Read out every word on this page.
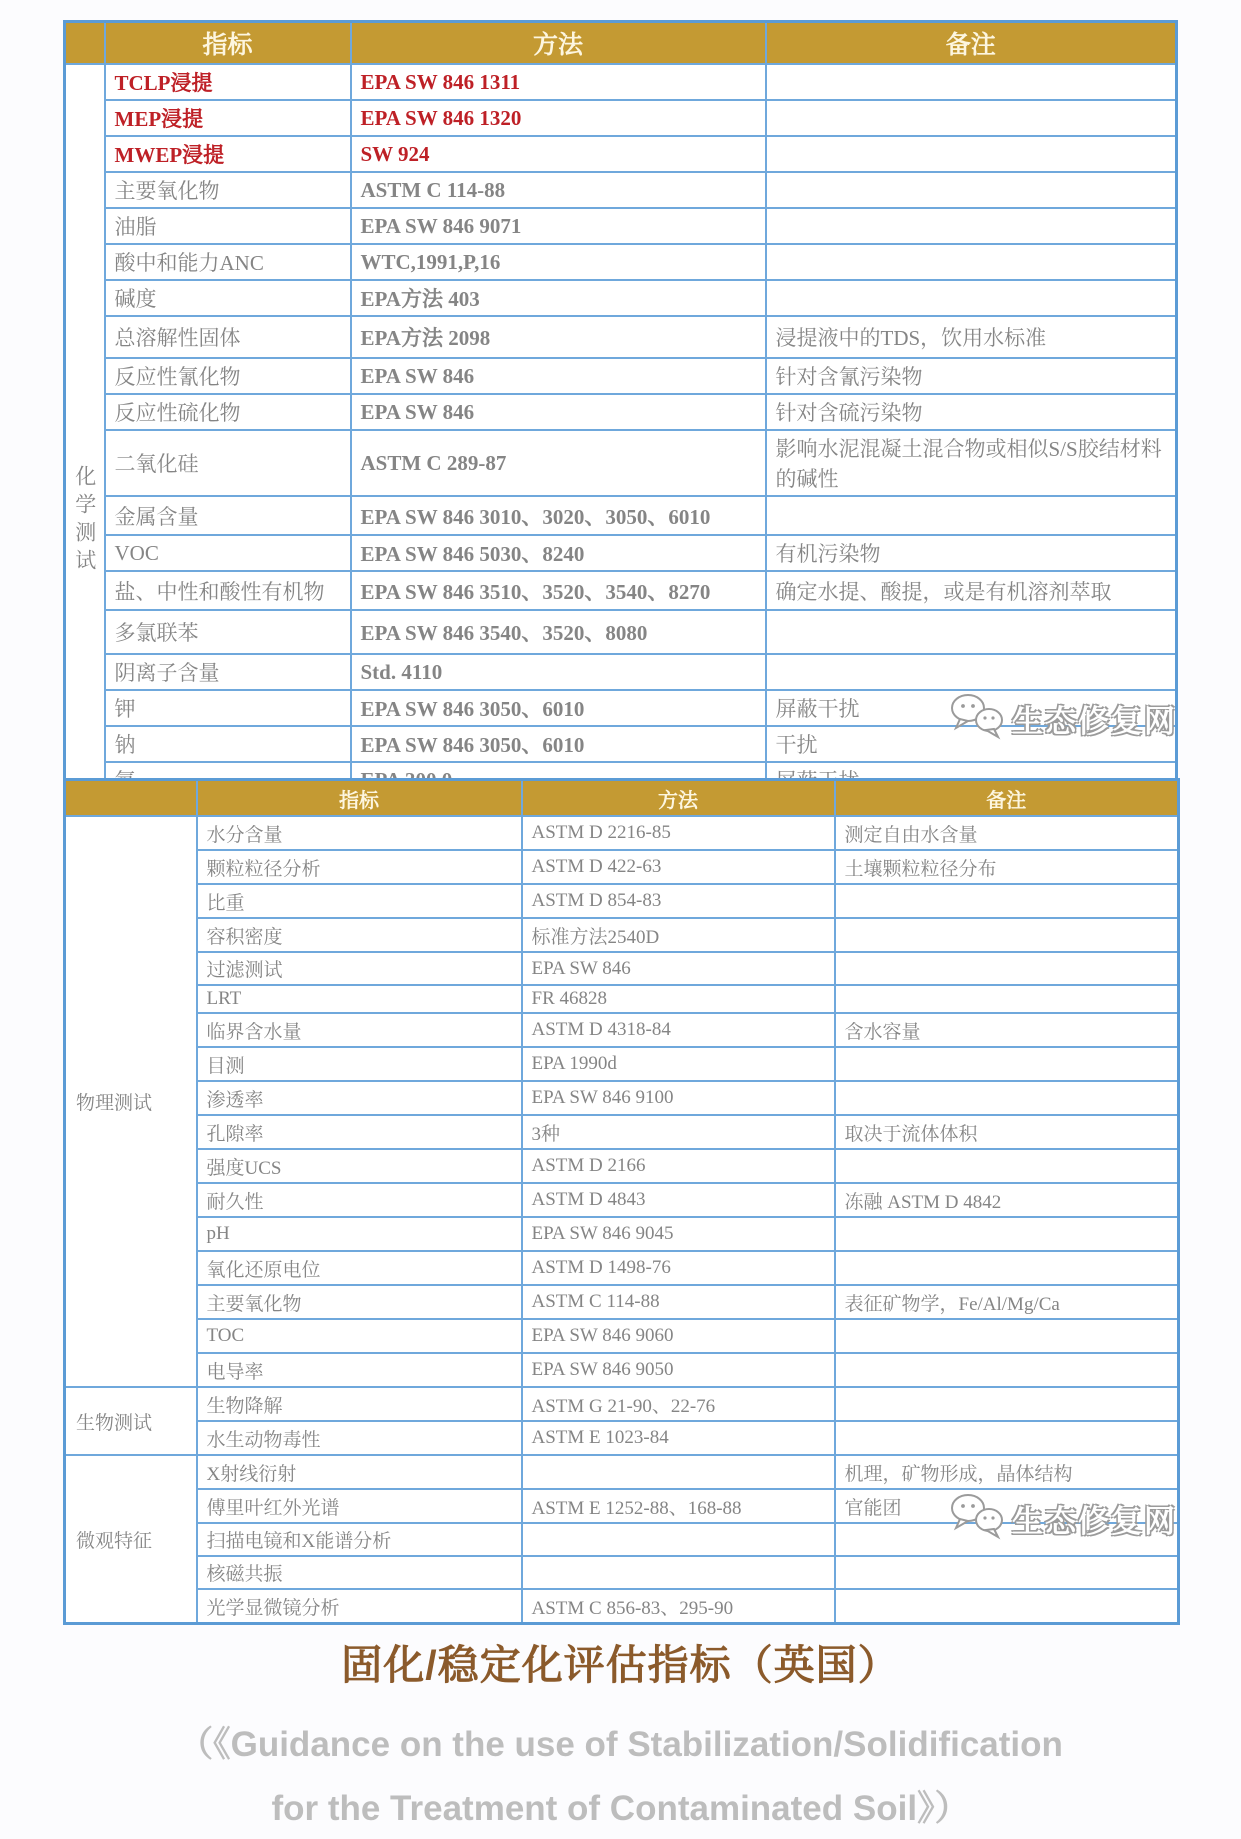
	指标	方法	备注
化学测试	TCLP浸提	EPA SW 846 1311	
	MEP浸提	EPA SW 846 1320	
	MWEP浸提	SW 924	
	主要氧化物	ASTM C 114-88	
	油脂	EPA SW 846 9071	
	酸中和能力ANC	WTC,1991,P,16	
	碱度	EPA方法 403	
	总溶解性固体	EPA方法 2098	浸提液中的TDS，饮用水标准
	反应性氰化物	EPA SW 846	针对含氰污染物
	反应性硫化物	EPA SW 846	针对含硫污染物
	二氧化硅	ASTM C 289-87	影响水泥混凝土混合物或相似S/S胶结材料的碱性
	金属含量	EPA SW 846 3010、3020、3050、6010	
	VOC	EPA SW 846 5030、8240	有机污染物
	盐、中性和酸性有机物	EPA SW 846 3510、3520、3540、8270	确定水提、酸提，或是有机溶剂萃取
	多氯联苯	EPA SW 846 3540、3520、8080	
	阴离子含量	Std. 4110	
	钾	EPA SW 846 3050、6010	屏蔽干扰
	钠	EPA SW 846 3050、6010	干扰

	指标	方法	备注
物理测试	水分含量	ASTM D 2216-85	测定自由水含量
	颗粒粒径分析	ASTM D 422-63	土壤颗粒粒径分布
	比重	ASTM D 854-83	
	容积密度	标准方法2540D	
	过滤测试	EPA SW 846	
	LRT	FR 46828	
	临界含水量	ASTM D 4318-84	含水容量
	目测	EPA 1990d	
	渗透率	EPA SW 846 9100	
	孔隙率	3种	取决于流体体积
	强度UCS	ASTM D 2166	
	耐久性	ASTM D 4843	冻融 ASTM D 4842
	pH	EPA SW 846 9045	
	氧化还原电位	ASTM D 1498-76	
	主要氧化物	ASTM C 114-88	表征矿物学，Fe/Al/Mg/Ca
	TOC	EPA SW 846 9060	
	电导率	EPA SW 846 9050	
生物测试	生物降解	ASTM G 21-90、22-76	
	水生动物毒性	ASTM E 1023-84	
微观特征	X射线衍射		机理，矿物形成，晶体结构
	傅里叶红外光谱	ASTM E 1252-88、168-88	官能团
	扫描电镜和X能谱分析		
	核磁共振		
	光学显微镜分析	ASTM C 856-83、295-90	
生态修复网
生态修复网
固化/稳定化评估指标（英国）
（《Guidance on the use of Stabilization/Solidification
for the Treatment of Contaminated Soil》）
